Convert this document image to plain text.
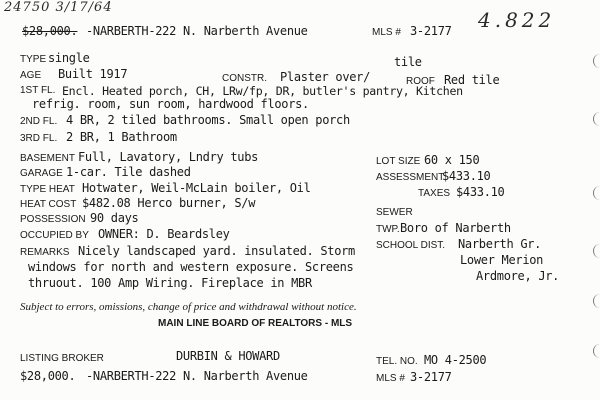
24750 3/17/64
4.822
$28,000. -NARBERTH-222 N. Narberth Avenue	MLS # 3-2177
TYPE single	tile
AGE Built 1917	CONSTR. Plaster over/	ROOF Red tile
1ST FL. Encl. Heated porch, CH, LRw/fp, DR, butler's pantry, Kitchen
refrig. room, sun room, hardwood floors.
2ND FL. 4 BR, 2 tiled bathrooms. Small open porch
3RD FL. 2 BR, 1 Bathroom
BASEMENT Full, Lavatory, Lndry tubs
GARAGE 1-car. Tile dashed
TYPE HEAT Hotwater, Weil-McLain boiler, Oil
HEAT COST $482.08 Herco burner, S/w
POSSESSION 90 days
OCCUPIED BY OWNER: D. Beardsley
REMARKS Nicely landscaped yard. insulated. Storm
windows for north and western exposure. Screens
thruout. 100 Amp Wiring. Fireplace in MBR
LOT SIZE 60 x 150
ASSESSMENT
$433.10
TAXES $433.10
SEWER
TWP. Boro of Narberth
SCHOOL DIST. Narberth Gr.
Lower Merion
Ardmore, Jr.
Subject to errors, omissions, change of price and withdrawal without notice.
MAIN LINE BOARD OF REALTORS - MLS
LISTING BROKER	DURBIN & HOWARD	TEL. NO. MO 4-2500
$28,000. -NARBERTH-222 N. Narberth Avenue	MLS # 3-2177
